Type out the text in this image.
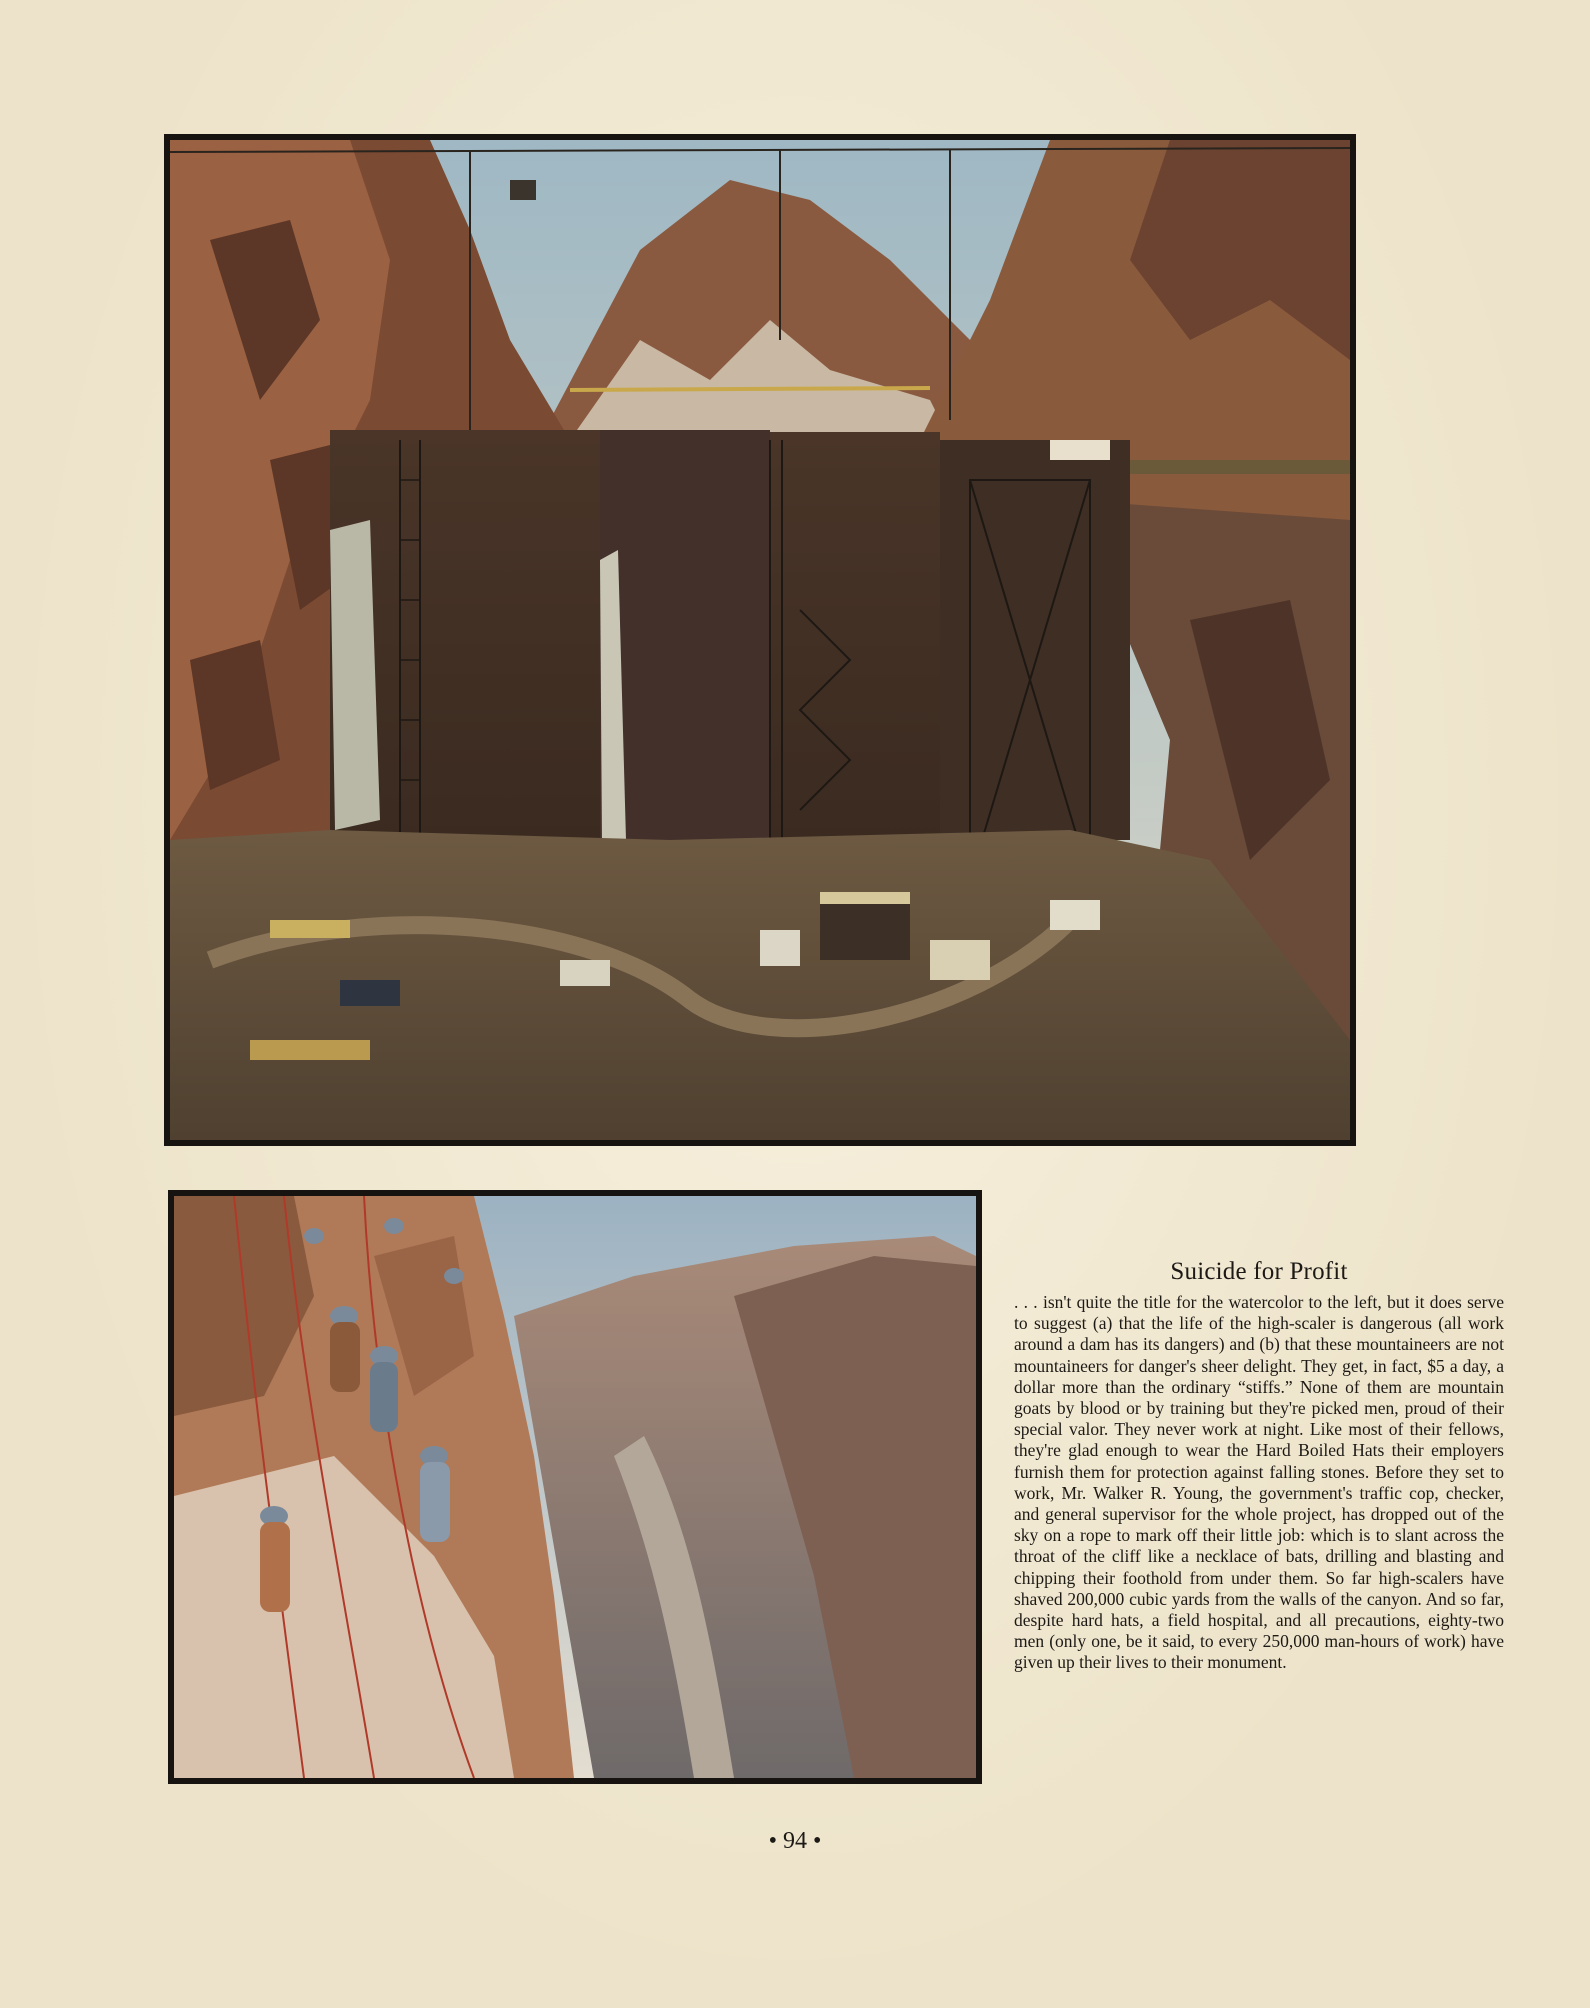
Suicide for Profit

. . . isn't quite the title for the watercolor to the left, but it does serve to suggest (a) that the life of the high-scaler is dangerous (all work around a dam has its dangers) and (b) that these mountaineers are not mountaineers for danger's sheer delight. They get, in fact, $5 a day, a dollar more than the ordinary “stiffs.” None of them are mountain goats by blood or by training but they're picked men, proud of their special valor. They never work at night. Like most of their fellows, they're glad enough to wear the Hard Boiled Hats their employers furnish them for protection against falling stones. Before they set to work, Mr. Walker R. Young, the government's traffic cop, checker, and general supervisor for the whole project, has dropped out of the sky on a rope to mark off their little job: which is to slant across the throat of the cliff like a necklace of bats, drilling and blasting and chipping their foothold from under them. So far high-scalers have shaved 200,000 cubic yards from the walls of the canyon. And so far, despite hard hats, a field hospital, and all precautions, eighty-two men (only one, be it said, to every 250,000 man-hours of work) have given up their lives to their monument.

• 94 •
